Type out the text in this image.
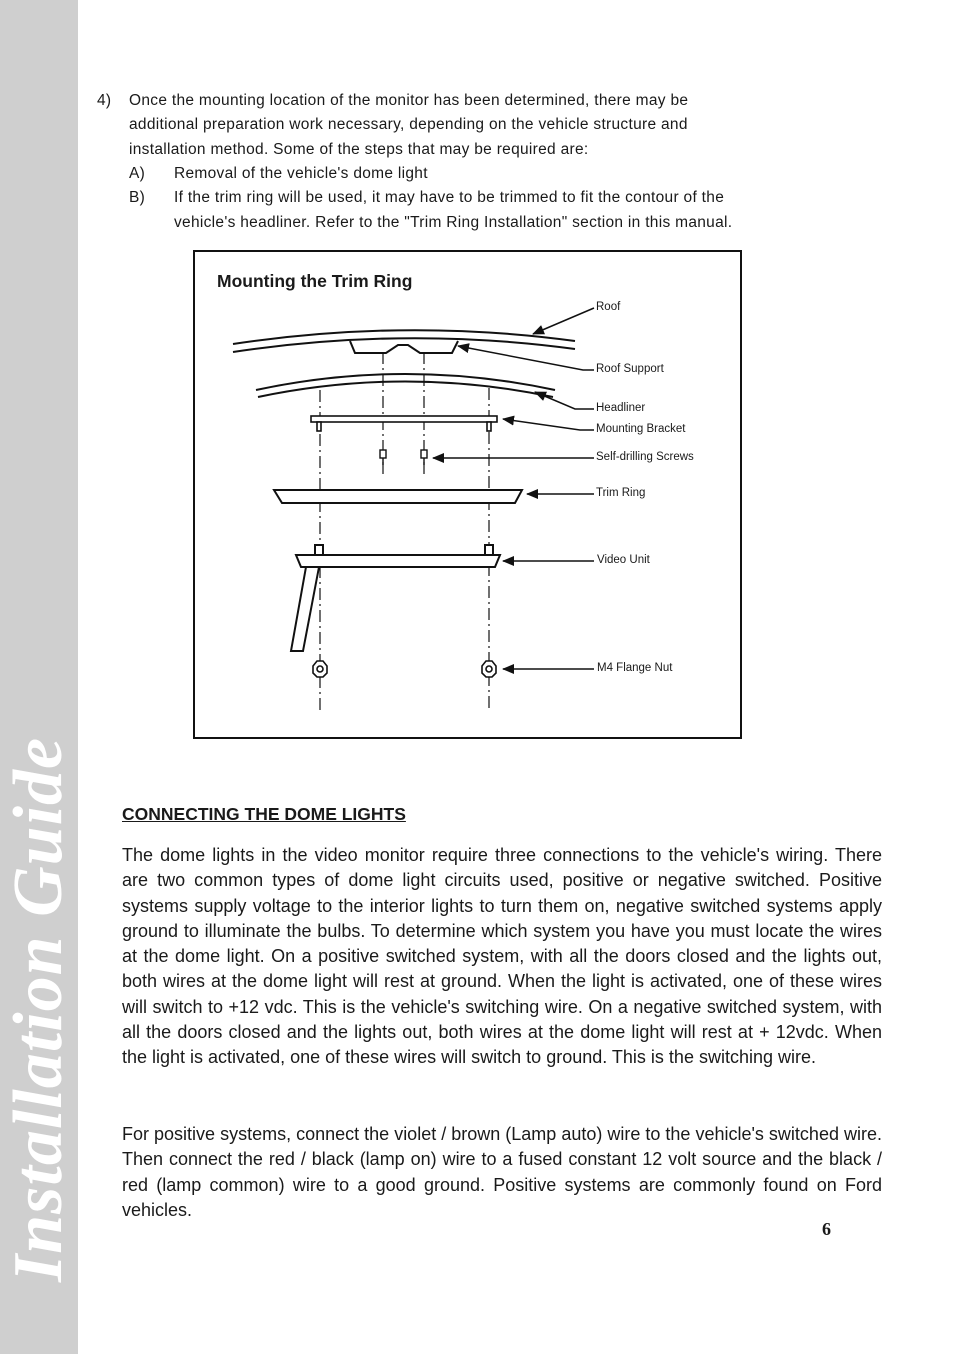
Installation Guide
4) Once the mounting location of the monitor has been determined, there may be
additional preparation work necessary, depending on the vehicle structure and
installation method. Some of the steps that may be required are:
A) Removal of the vehicle's dome light
B) If the trim ring will be used, it may have to be trimmed to fit the contour of the
vehicle's headliner. Refer to the "Trim Ring Installation" section in this manual.
Mounting the Trim Ring
Roof
Roof Support
Headliner
Mounting Bracket
Self-drilling Screws
Trim Ring
Video Unit
M4 Flange Nut
CONNECTING THE DOME LIGHTS
The dome lights in the video monitor require three connections to the vehicle's wiring. There are two common types of dome light circuits used, positive or negative switched. Positive systems supply voltage to the interior lights to turn them on, negative switched systems apply ground to illuminate the bulbs. To determine which system you have you must locate the wires at the dome light. On a positive switched system, with all the doors closed and the lights out, both wires at the dome light will rest at ground. When the light is activated, one of these wires will switch to +12 vdc. This is the vehicle's switching wire. On a negative switched system, with all the doors closed and the lights out, both wires at the dome light will rest at + 12vdc. When the light is activated, one of these wires will switch to ground. This is the switching wire.
For positive systems, connect the violet / brown (Lamp auto) wire to the vehicle's switched wire. Then connect the red / black (lamp on) wire to a fused constant 12 volt source and the black / red (lamp common) wire to a good ground. Positive systems are commonly found on Ford vehicles.
6
